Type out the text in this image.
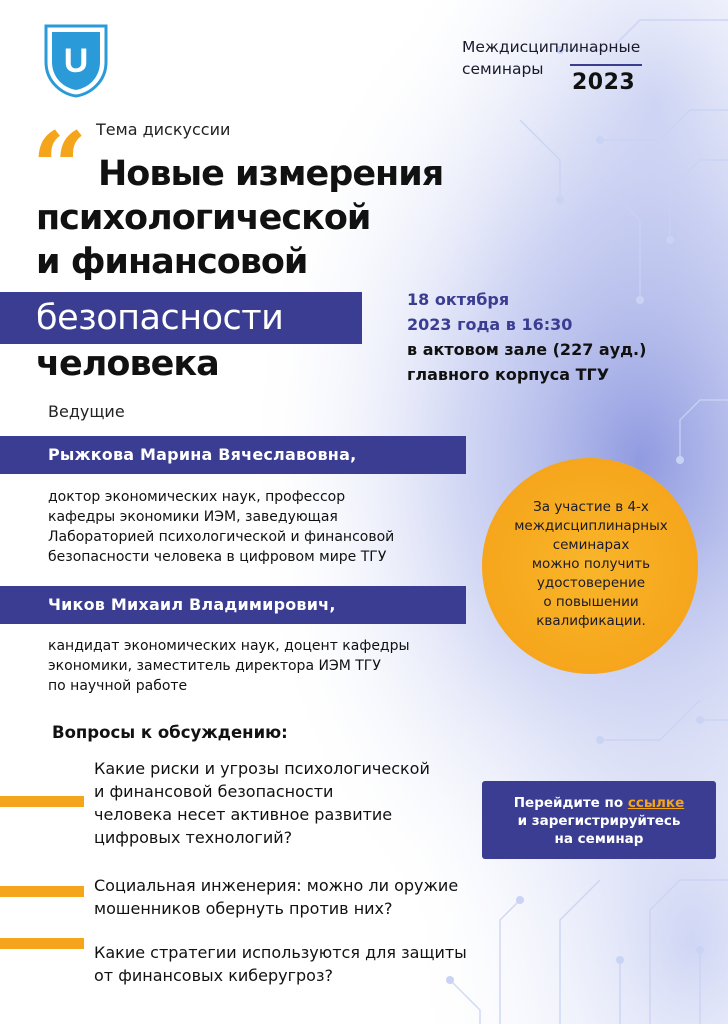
U	Междисциплинарные
семинары
2023
Тема дискуссии
“ Новые измерения
психологической
и финансовой
безопасности
человека
18 октября
2023 года в 16:30
в актовом зале (227 ауд.)
главного корпуса ТГУ
Ведущие
Рыжкова Марина Вячеславовна,
доктор экономических наук, профессор
кафедры экономики ИЭМ, заведующая
Лабораторией психологической и финансовой
безопасности человека в цифровом мире ТГУ
Чиков Михаил Владимирович,
кандидат экономических наук, доцент кафедры
экономики, заместитель директора ИЭМ ТГУ
по научной работе
За участие в 4-х
междисциплинарных
семинарах
можно получить
удостоверение
о повышении
квалификации.
Вопросы к обсуждению:
Какие риски и угрозы психологической
и финансовой безопасности
человека несет активное развитие
цифровых технологий?
Социальная инженерия: можно ли оружие
мошенников обернуть против них?
Какие стратегии используются для защиты
от финансовых киберугроз?
Перейдите по ссылке
и зарегистрируйтесь
на семинар
